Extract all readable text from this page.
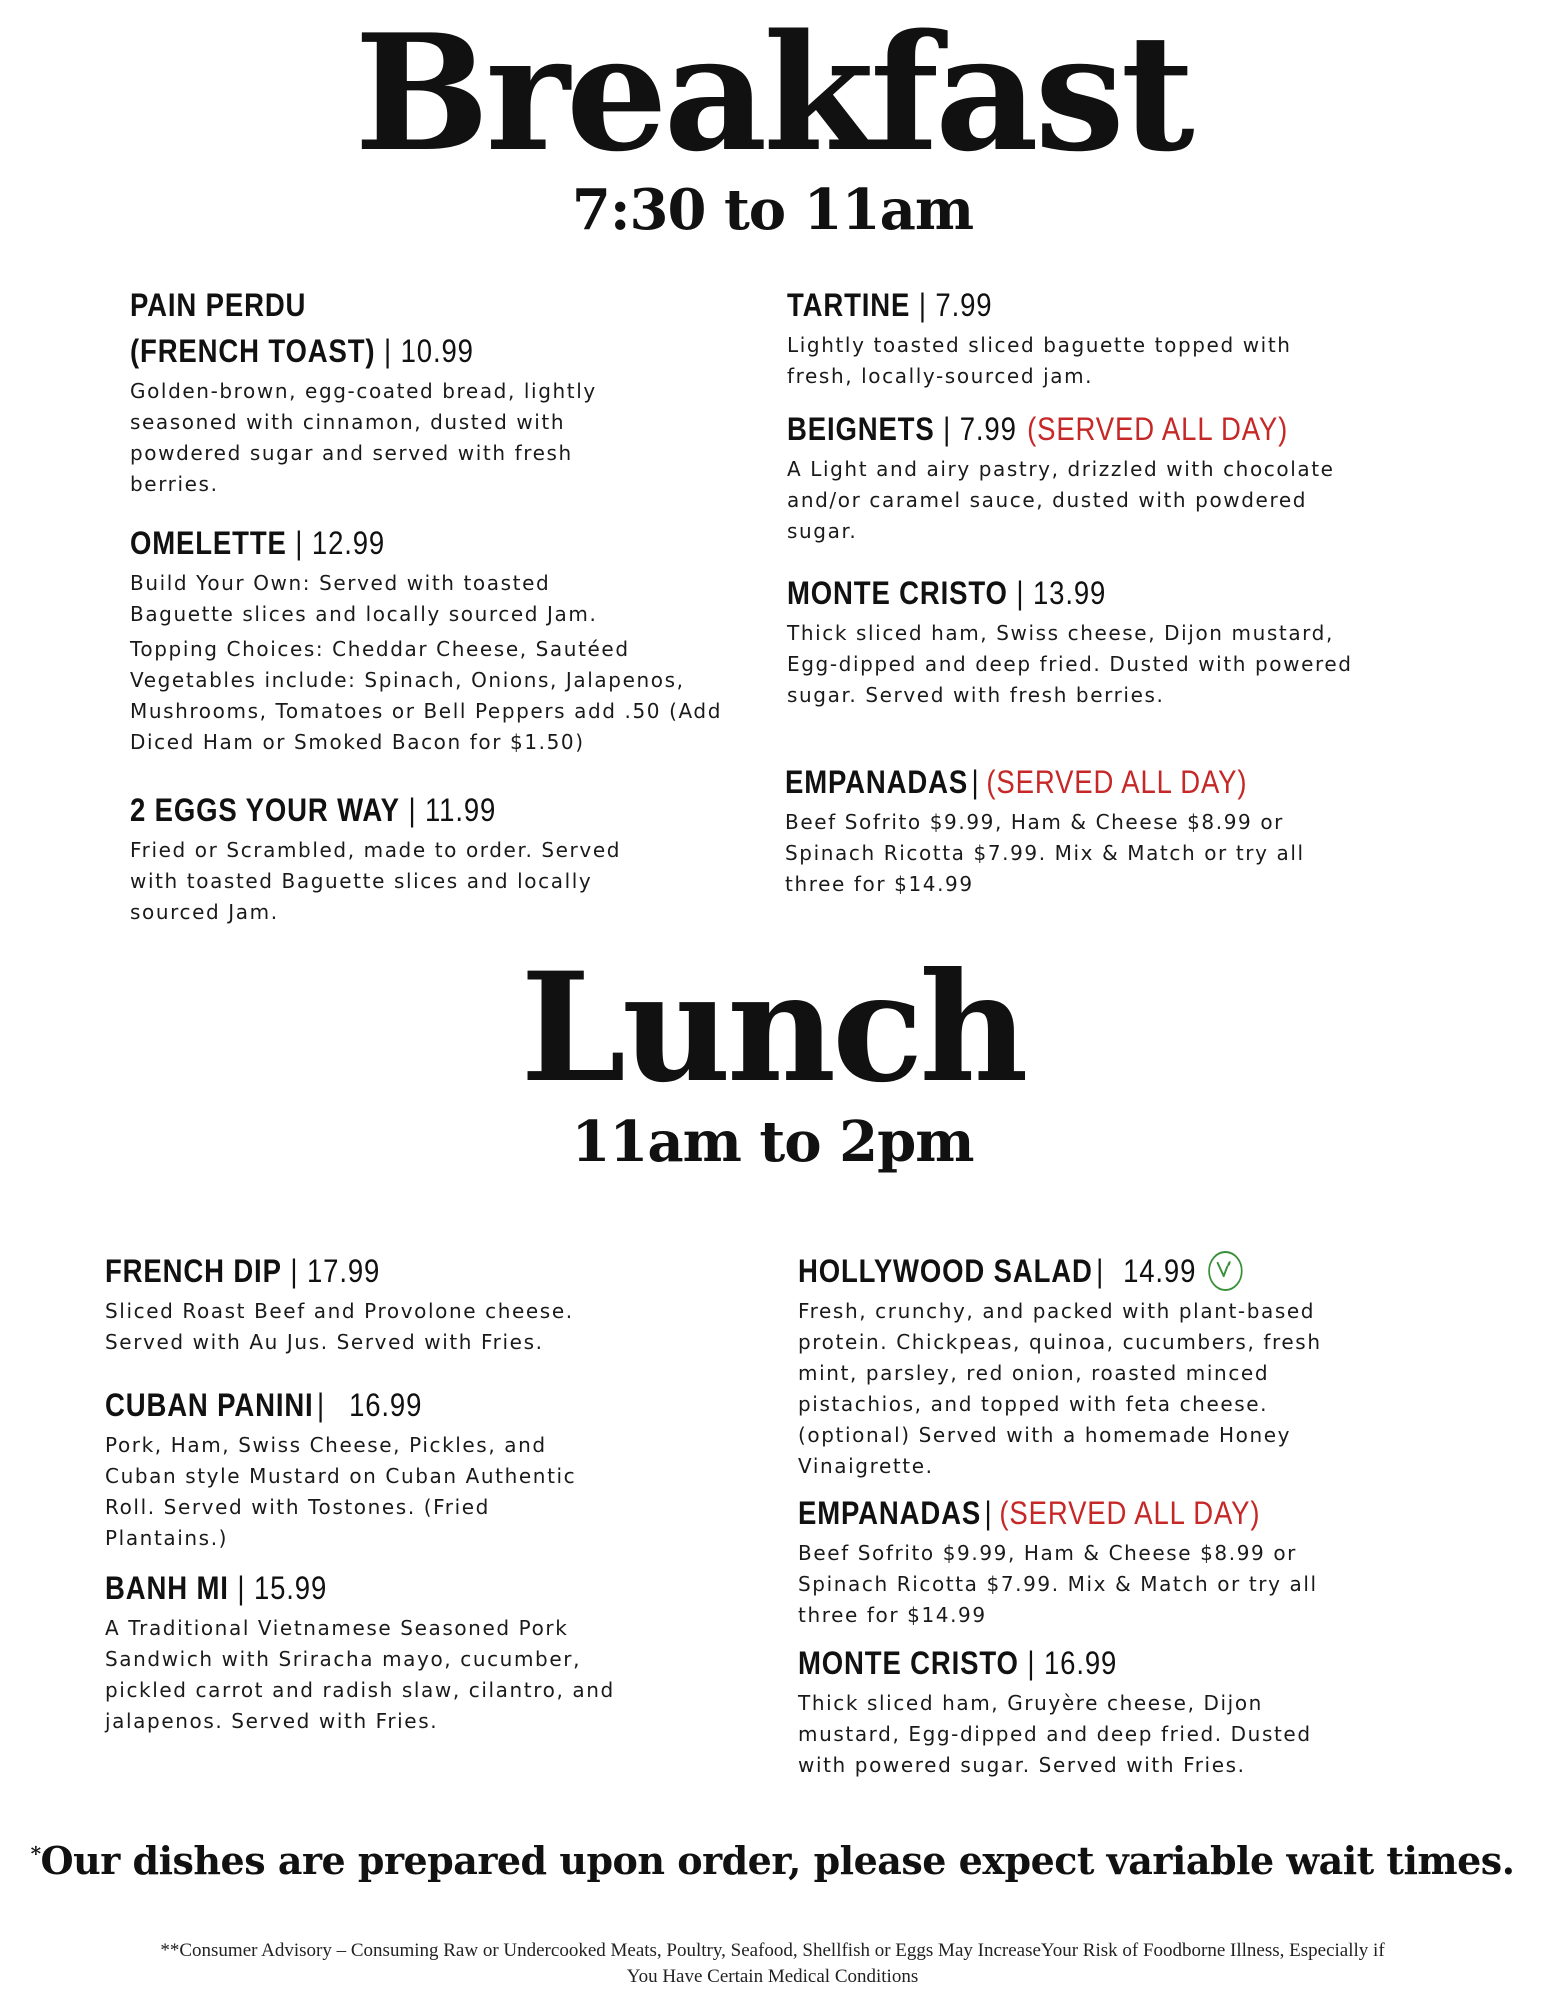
Breakfast
7:30 to 11am
PAIN PERDU
(FRENCH TOAST) | 10.99
Golden-brown, egg-coated bread, lightly seasoned with cinnamon, dusted with powdered sugar and served with fresh berries.
OMELETTE | 12.99
Build Your Own: Served with toasted Baguette slices and locally sourced Jam.
Topping Choices: Cheddar Cheese, Sautéed Vegetables include: Spinach, Onions, Jalapenos, Mushrooms, Tomatoes or Bell Peppers add .50 (Add Diced Ham or Smoked Bacon for $1.50)
2 EGGS YOUR WAY | 11.99
Fried or Scrambled, made to order. Served with toasted Baguette slices and locally sourced Jam.
TARTINE | 7.99
Lightly toasted sliced baguette topped with fresh, locally-sourced jam.
BEIGNETS | 7.99 (SERVED ALL DAY)
A Light and airy pastry, drizzled with chocolate and/or caramel sauce, dusted with powdered sugar.
MONTE CRISTO | 13.99
Thick sliced ham, Swiss cheese, Dijon mustard, Egg-dipped and deep fried. Dusted with powered sugar. Served with fresh berries.
EMPANADAS | (SERVED ALL DAY)
Beef Sofrito $9.99, Ham & Cheese $8.99 or Spinach Ricotta $7.99. Mix & Match or try all three for $14.99
Lunch
11am to 2pm
FRENCH DIP | 17.99
Sliced Roast Beef and Provolone cheese. Served with Au Jus. Served with Fries.
CUBAN PANINI | 16.99
Pork, Ham, Swiss Cheese, Pickles, and Cuban style Mustard on Cuban Authentic Roll. Served with Tostones. (Fried Plantains.)
BANH MI | 15.99
A Traditional Vietnamese Seasoned Pork Sandwich with Sriracha mayo, cucumber, pickled carrot and radish slaw, cilantro, and jalapenos. Served with Fries.
HOLLYWOOD SALAD | 14.99
Fresh, crunchy, and packed with plant-based protein. Chickpeas, quinoa, cucumbers, fresh mint, parsley, red onion, roasted minced pistachios, and topped with feta cheese. (optional) Served with a homemade Honey Vinaigrette.
EMPANADAS | (SERVED ALL DAY)
Beef Sofrito $9.99, Ham & Cheese $8.99 or Spinach Ricotta $7.99. Mix & Match or try all three for $14.99
MONTE CRISTO | 16.99
Thick sliced ham, Gruyère cheese, Dijon mustard, Egg-dipped and deep fried. Dusted with powered sugar. Served with Fries.
*Our dishes are prepared upon order, please expect variable wait times.
**Consumer Advisory – Consuming Raw or Undercooked Meats, Poultry, Seafood, Shellfish or Eggs May IncreaseYour Risk of Foodborne Illness, Especially if You Have Certain Medical Conditions
